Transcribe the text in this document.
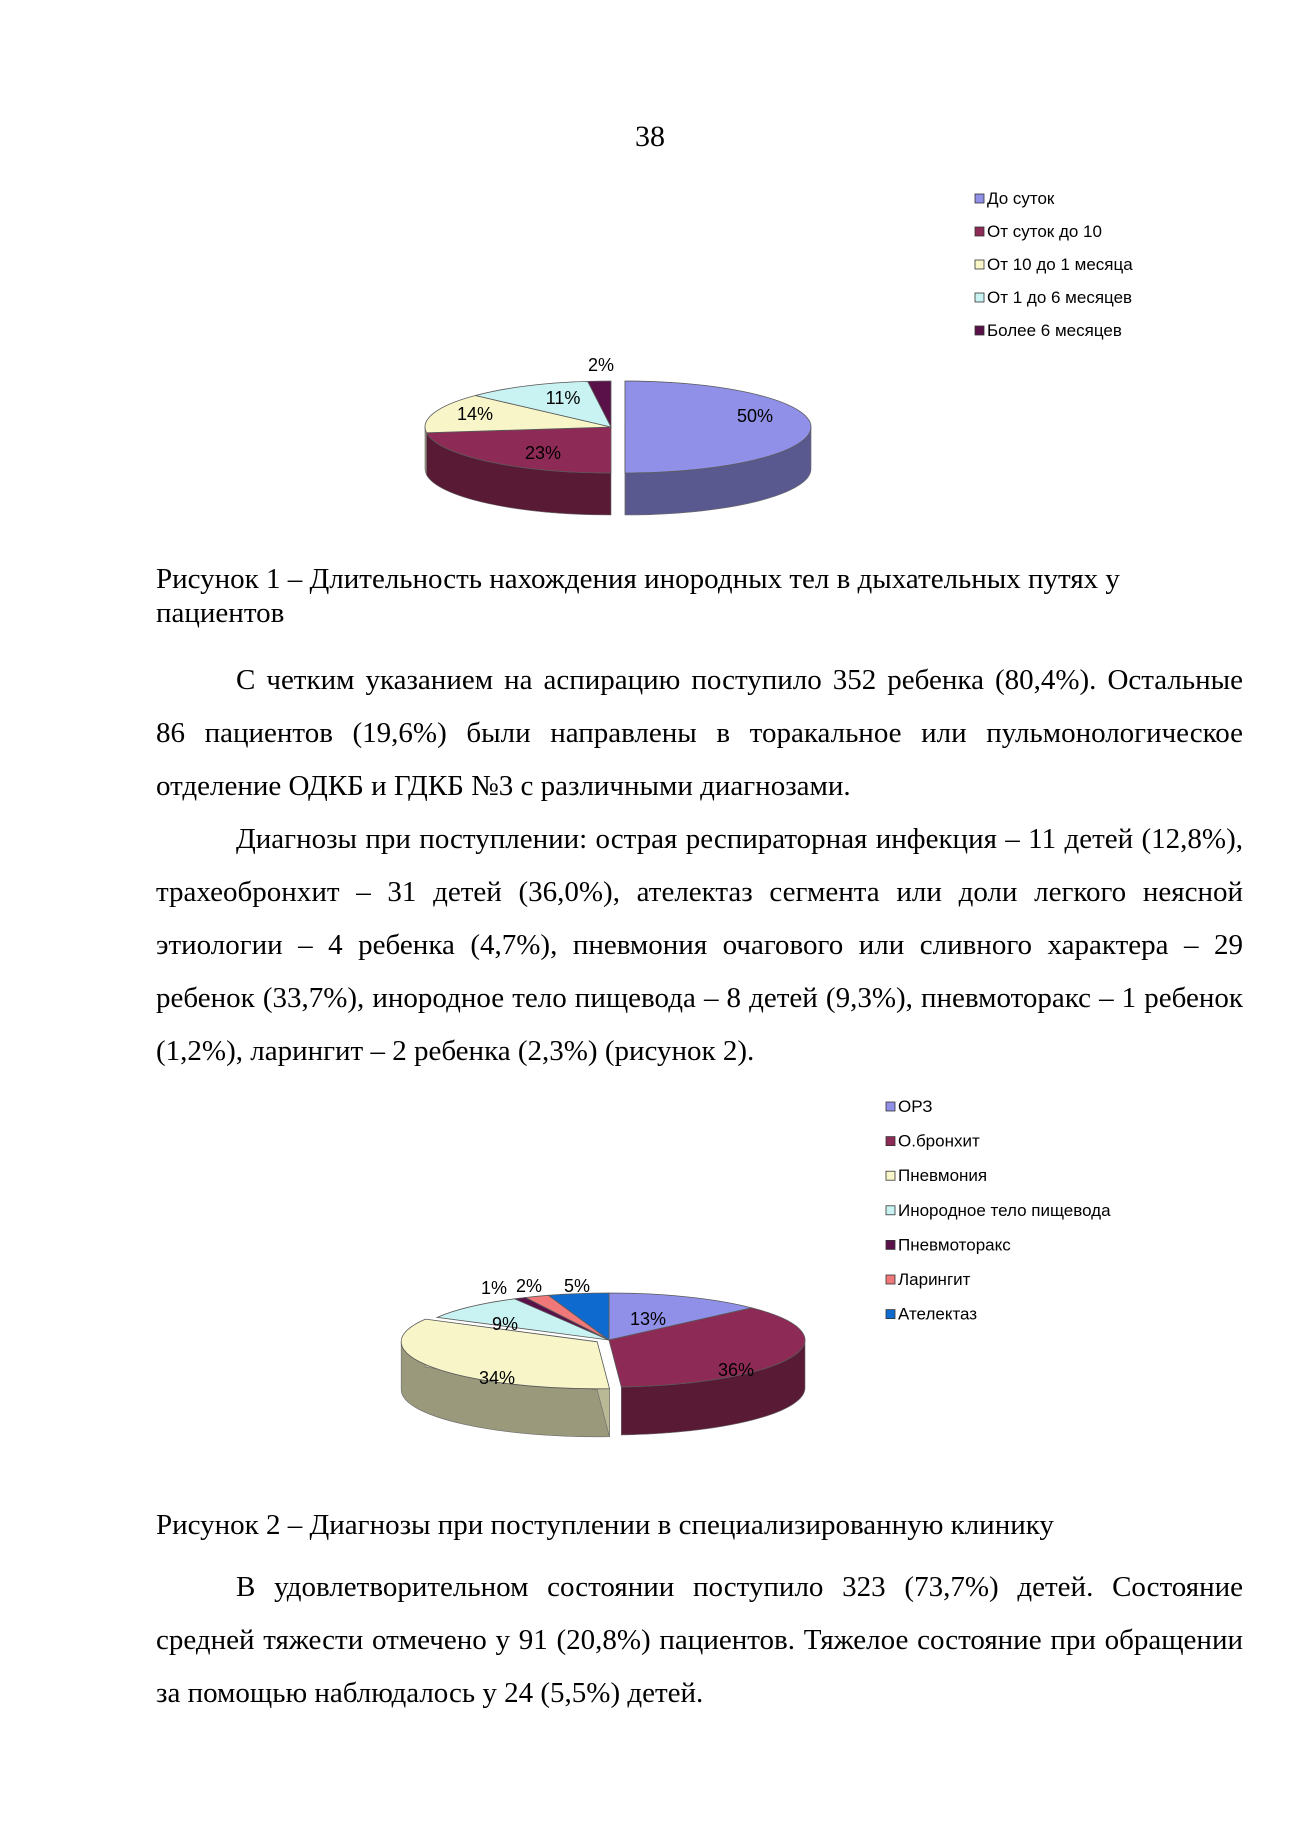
38
50%
23%
14%
11%
2%
До суток
От суток до 10
От 10 до 1 месяца
От 1 до 6 месяцев
Более 6 месяцев

Рисунок 1 – Длительность нахождения инородных тел в дыхательных путях у пациентов

С четким указанием на аспирацию поступило 352 ребенка (80,4%). Остальные 86 пациентов (19,6%) были направлены в торакальное или пульмонологическое отделение ОДКБ и ГДКБ №3 с различными диагнозами.

Диагнозы при поступлении: острая респираторная инфекция – 11 детей (12,8%), трахеобронхит – 31 детей (36,0%), ателектаз сегмента или доли легкого неясной этиологии – 4 ребенка (4,7%), пневмония очагового или сливного характера – 29 ребенок (33,7%), инородное тело пищевода – 8 детей (9,3%), пневмоторакс – 1 ребенок (1,2%), ларингит – 2 ребенка (2,3%) (рисунок 2).

13%
36%
34%
9%
1% 2% 5%
ОРЗ
О.бронхит
Пневмония
Инородное тело пищевода
Пневмоторакс
Ларингит
Ателектаз

Рисунок 2 – Диагнозы при поступлении в специализированную клинику

В удовлетворительном состоянии поступило 323 (73,7%) детей. Состояние средней тяжести отмечено у 91 (20,8%) пациентов. Тяжелое состояние при обращении за помощью наблюдалось у 24 (5,5%) детей.
